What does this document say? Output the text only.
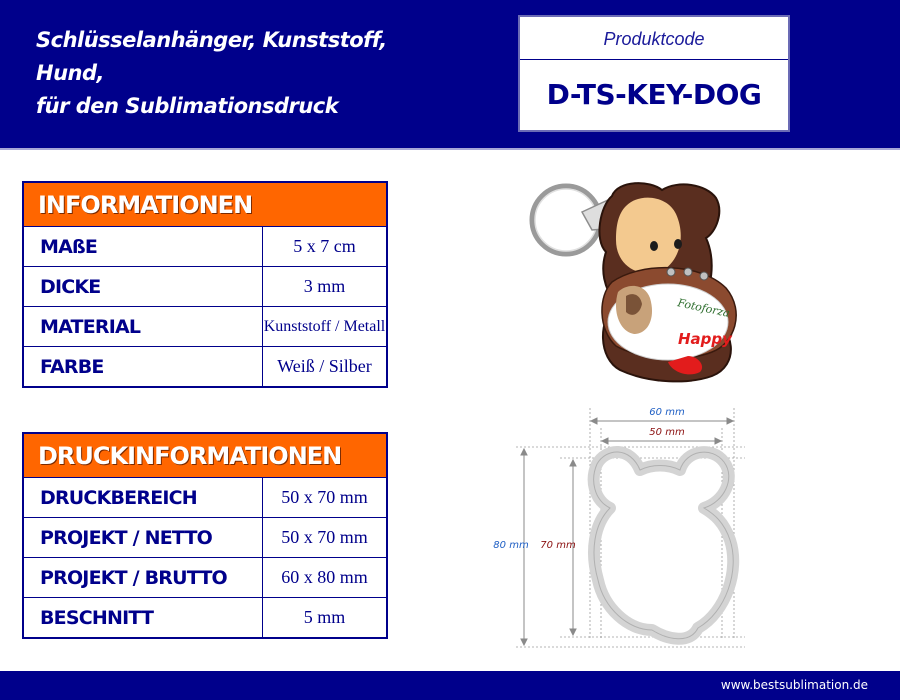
Schlüsselanhänger, Kunststoff,
Hund,
für den Sublimationsdruck
Produktcode
D-TS-KEY-DOG
INFORMATIONEN	
MAßE	5 x 7 cm
DICKE	3 mm
MATERIAL	Kunststoff / Metall
FARBE	Weiß / Silber
DRUCKINFORMATIONEN	
DRUCKBEREICH	50 x 70 mm
PROJEKT / NETTO	50 x 70 mm
PROJEKT / BRUTTO	60 x 80 mm
BESCHNITT	5 mm
Fotoforza
Happy
60 mm
50 mm
80 mm 70 mm
www.bestsublimation.de
